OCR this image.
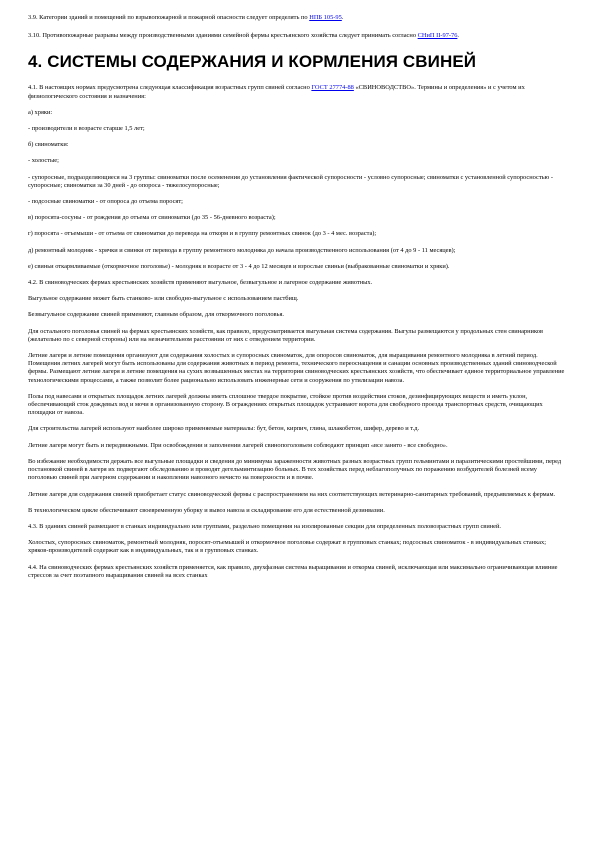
3.9. Категории зданий и помещений по взрывопожарной и пожарной опасности следует определять по НПБ 105-95.

3.10. Противопожарные разрывы между производственными зданиями семейной фермы крестьянского хозяйства следует принимать согласно СНиП II-97-76.

4. СИСТЕМЫ СОДЕРЖАНИЯ И КОРМЛЕНИЯ СВИНЕЙ

4.1. В настоящих нормах предусмотрена следующая классификация возрастных групп свиней согласно ГОСТ 27774-88 «СВИНОВОДСТВО». Термины и определения» и с учетом их физиологического состояния и назначения:

а) хряки:

- производители в возрасте старше 1,5 лет;

б) свиноматки:

- холостые;

- супоросные, подразделяющиеся на 3 группы: свиноматки после осеменения до установления фактической супоросности - условно супоросные; свиноматки с установленной супоросностью - супоросные; свиноматки за 30 дней - до опороса - тяжелосупоросные;

- подсосные свиноматки - от опороса до отъема поросят;

в) поросята-сосуны - от рождения до отъема от свиноматки (до 35 - 56-дневного возраста);

г) поросята - отъемыши - от отъема от свиноматки до перевода на откорм и в группу ремонтных свинок (до 3 - 4 мес. возраста);

д) ремонтный молодняк - хрячки и свинки от перевода в группу ремонтного молодняка до начала производственного использования (от 4 до 9 - 11 месяцев);

е) свиньи откармливаемые (откормочное поголовье) - молодняк в возрасте от 3 - 4 до 12 месяцев и взрослые свиньи (выбракованные свиноматки и хряки).

4.2. В свиноводческих фермах крестьянских хозяйств применяют выгульное, безвыгульное и лагерное содержание животных.

Выгульное содержание может быть станково- или свободно-выгульное с использованием пастбищ.

Безвыгульное содержание свиней применяют, главным образом, для откормочного поголовья.

Для остального поголовья свиней на фермах крестьянских хозяйств, как правило, предусматривается выгульная система содержания. Выгулы размещаются у продольных стен свинарников (желательно по с северной стороны) или на незначительном расстоянии от них с отведением территории.

Летние лагеря и летние помещения организуют для содержания холостых и супоросных свиноматок, для опоросов свиноматок, для выращивания ремонтного молодняка в летний период. Помещения летних лагерей могут быть использованы для содержания животных в период ремонта, технического переоснащения и санации основных производственных зданий свиноводческой фермы. Размещают летние лагеря и летние помещения на сухих возвышенных местах на территории свиноводческих крестьянских хозяйств, что обеспечивает единое территориальное управление технологическими процессами, а также позволит более рационально использовать инженерные сети и сооружения по утилизации навоза.

Полы под навесами и открытых площадок летних лагерей должны иметь сплошное твердое покрытие, стойкое против воздействия стоков, дезинфицирующих веществ и иметь уклон, обеспечивающий сток дождевых вод и мочи в организованную сторону. В ограждениях открытых площадок устраивают ворота для свободного проезда транспортных средств, очищающих площадки от навоза.

Для строительства лагерей используют наиболее широко применяемые материалы: бут, бетон, кирпич, глина, шлакобетон, шифер, дерево и т.д.

Летние лагеря могут быть и передвижными. При освобождении и заполнении лагерей свинопоголовьем соблюдают принцип «все занято - все свободно».

Во избежание необходимости держать все выгульные площадки и сведения до минимума зараженности животных разных возрастных групп гельминтами и паразитическими простейшими, перед постановкой свиней в лагеря их подвергают обследованию и проводят дегельминтизацию больных. В тех хозяйствах перед неблагополучных по поражению возбудителей болезней всему поголовью свиней при лагерном содержании и накоплении навозного нечисто на поверхности и в почве.

Летние лагеря для содержания свиней приобретает статус свиноводческой фермы с распространением на них соответствующих ветеринарно-санитарных требований, предъявляемых к фермам.

В технологическом цикле обеспечивают своевременную уборку и вывоз навоза и складирование его для естественной дезинвазии.

4.3. В зданиях свиней размещают в станках индивидуально или группами, раздельно помещения на изолированные секции для определенных половозрастных групп свиней.

Холостых, супоросных свиноматок, ремонтный молодняк, поросят-отъемышей и откормочное поголовье содержат в групповых станках; подсосных свиноматок - в индивидуальных станках; хряков-производителей содержат как в индивидуальных, так и в групповых станках.

4.4. На свиноводческих фермах крестьянских хозяйств применяется, как правило, двухфазная система выращивания и откорма свиней, исключающая или максимально ограничивающая влияние стрессов за счет поэтапного выращивания свиней на всех станках
